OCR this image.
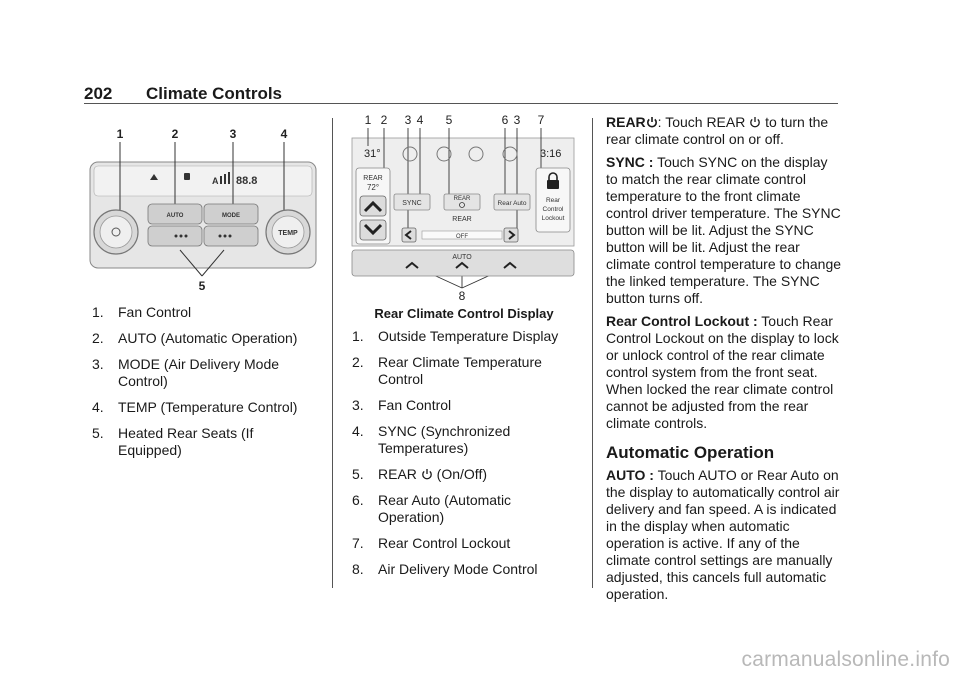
202 Climate Controls
1	2	3	4
5
A 88.8
TEMP
AUTO	MODE
1. Fan Control
2. AUTO (Automatic Operation)
3. MODE (Air Delivery Mode Control)
4. TEMP (Temperature Control)
5. Heated Rear Seats (If Equipped)
1 2 3 4 5	6 3 7
8
31°	3:16
REAR
72°
SYNC
REAR
Rear Auto	Rear
Control
Lockout
REAR
OFF
AUTO
Rear Climate Control Display
1. Outside Temperature Display
2. Rear Climate Temperature Control
3. Fan Control
4. SYNC (Synchronized Temperatures)
5. REAR  (On/Off)
6. Rear Auto (Automatic Operation)
7. Rear Control Lockout
8. Air Delivery Mode Control

REAR : Touch REAR  to turn the rear climate control on or off.

SYNC : Touch SYNC on the display to match the rear climate control temperature to the front climate control driver temperature. The SYNC button will be lit. Adjust the SYNC button will be lit. Adjust the rear climate control temperature to change the linked temperature. The SYNC button turns off.

Rear Control Lockout : Touch Rear Control Lockout on the display to lock or unlock control of the rear climate control system from the front seat. When locked the rear climate control cannot be adjusted from the rear climate controls.

Automatic Operation

AUTO : Touch AUTO or Rear Auto on the display to automatically control air delivery and fan speed. A is indicated in the display when automatic operation is active. If any of the climate control settings are manually adjusted, this cancels full automatic operation.

carmanualsonline.info
